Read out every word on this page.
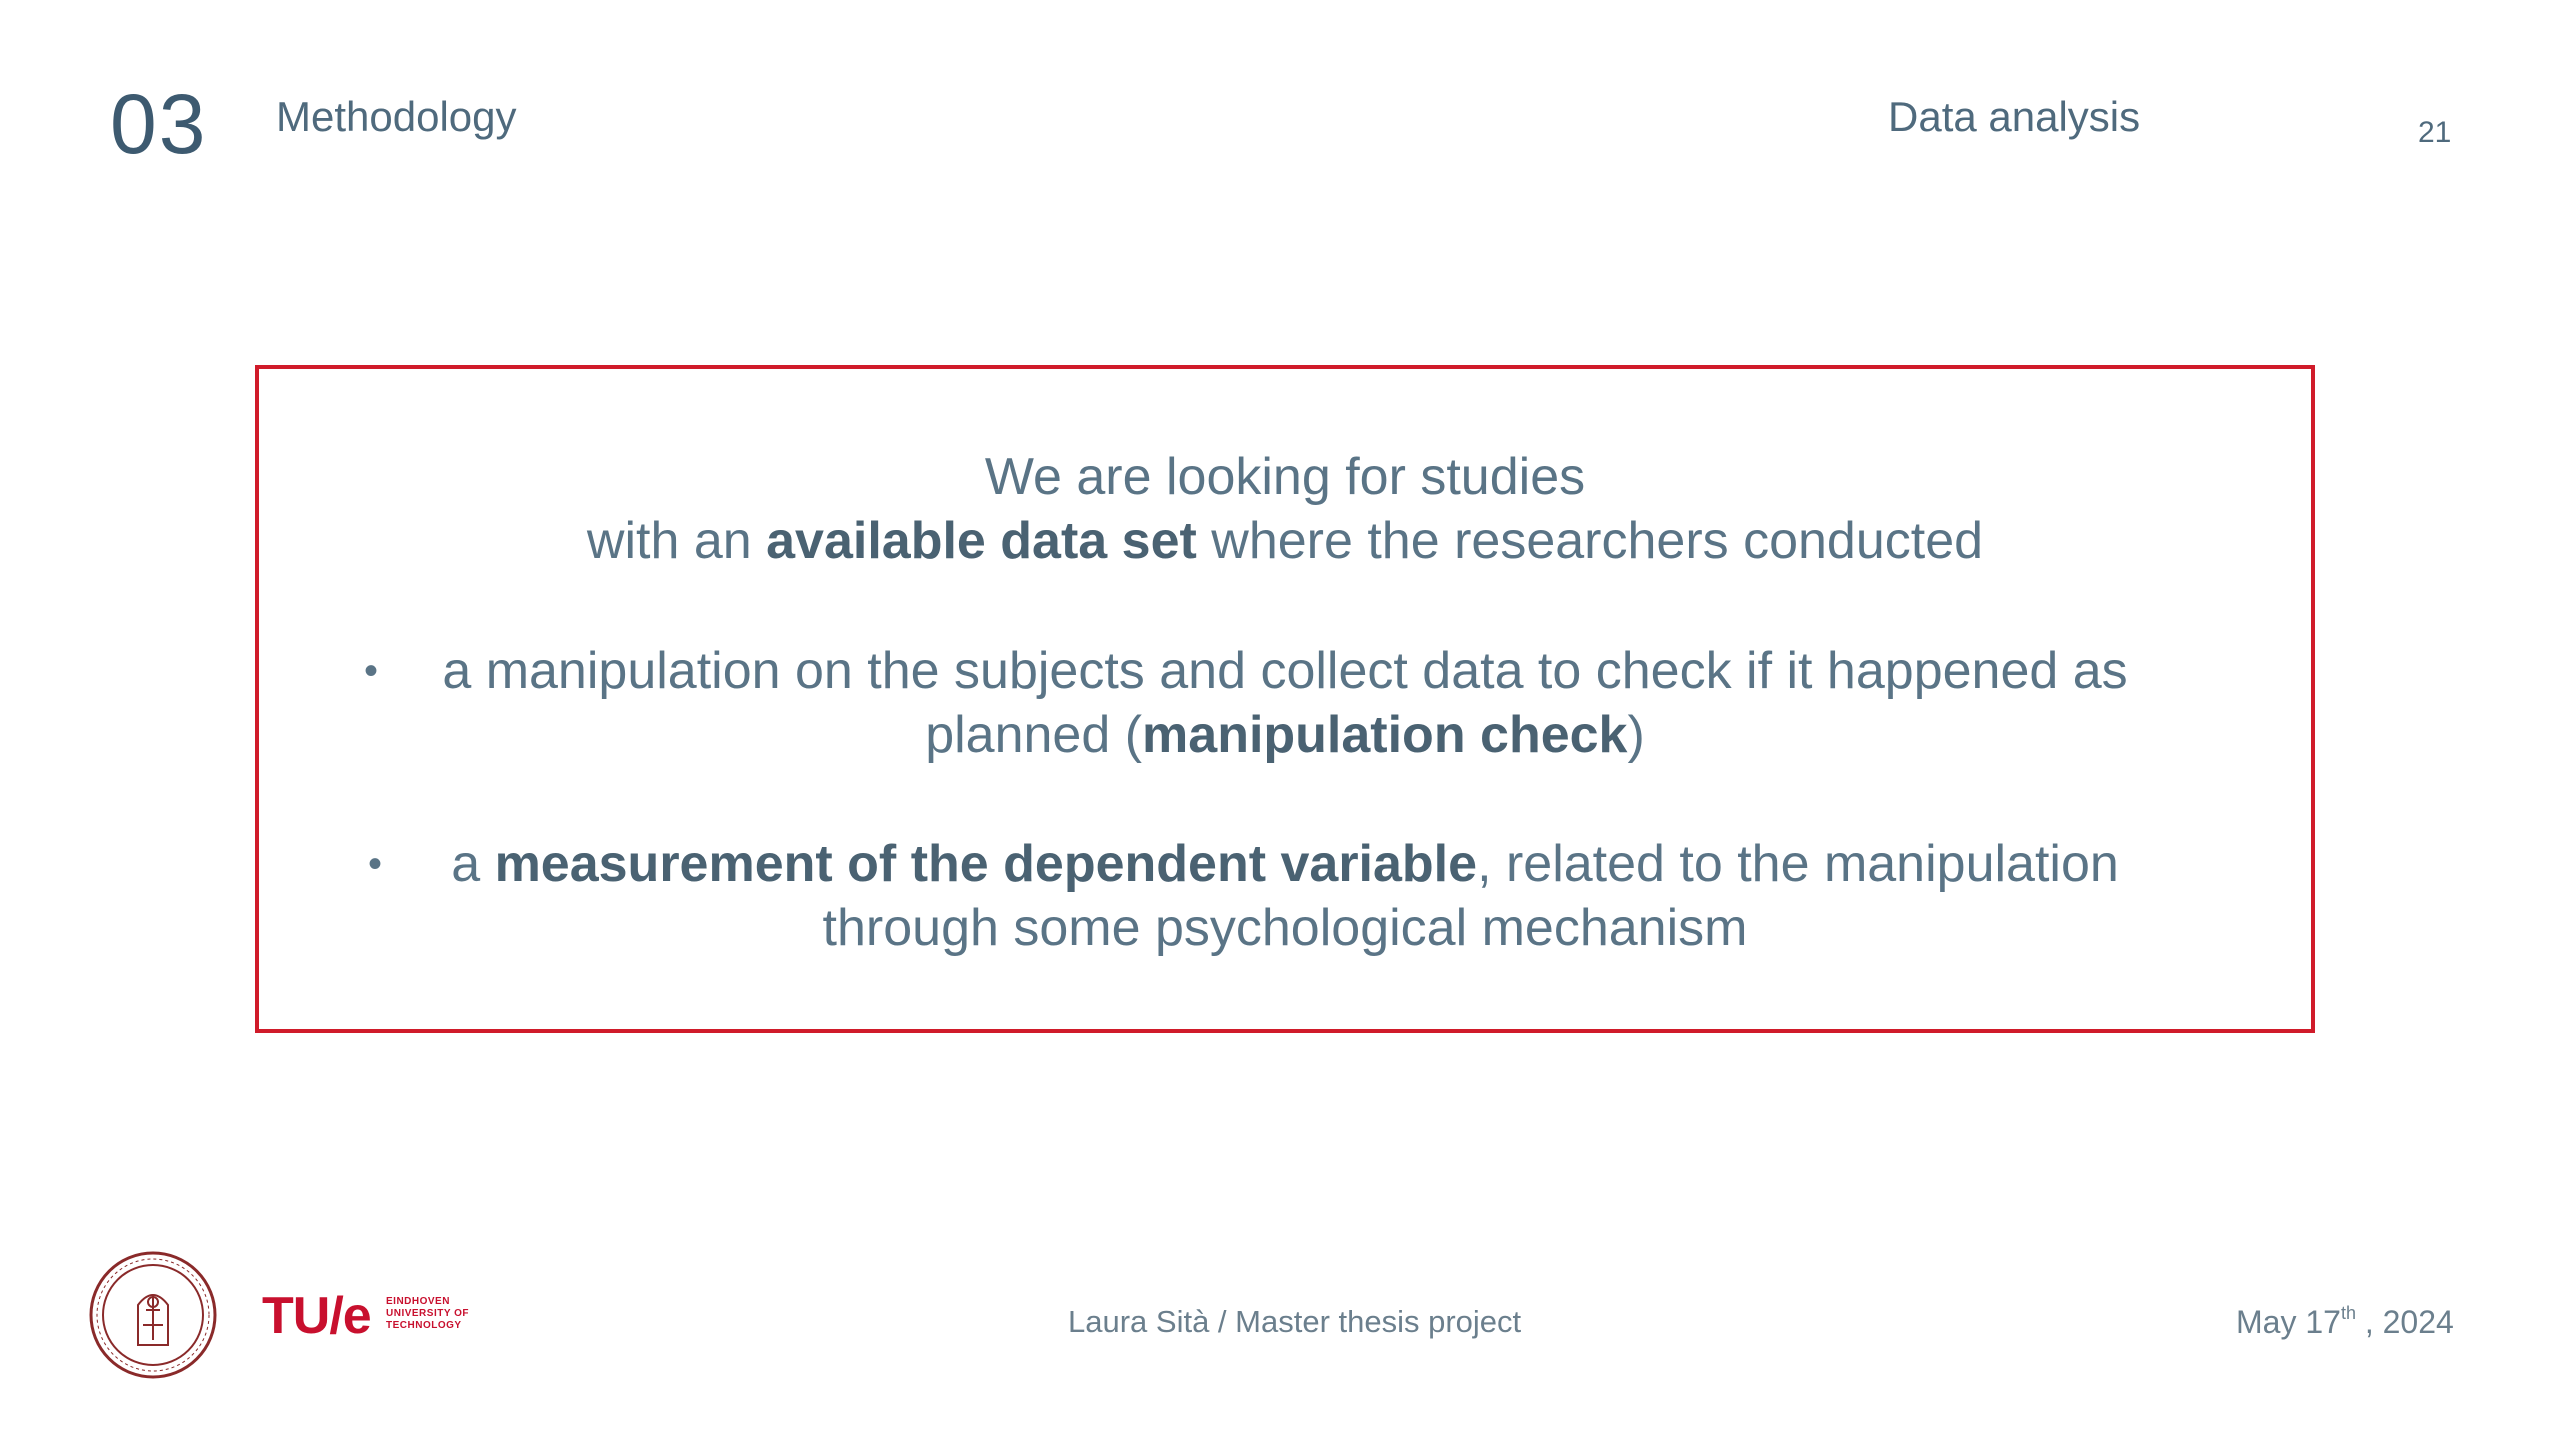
03 Methodology	Data analysis	21
We are looking for studies
with an available data set where the researchers conducted
•	a manipulation on the subjects and collect data to check if it happened as planned (manipulation check)
•	a measurement of the dependent variable, related to the manipulation through some psychological mechanism
TU/e EINDHOVEN
UNIVERSITY OF
TECHNOLOGY	Laura Sità / Master thesis project	May 17th , 2024
